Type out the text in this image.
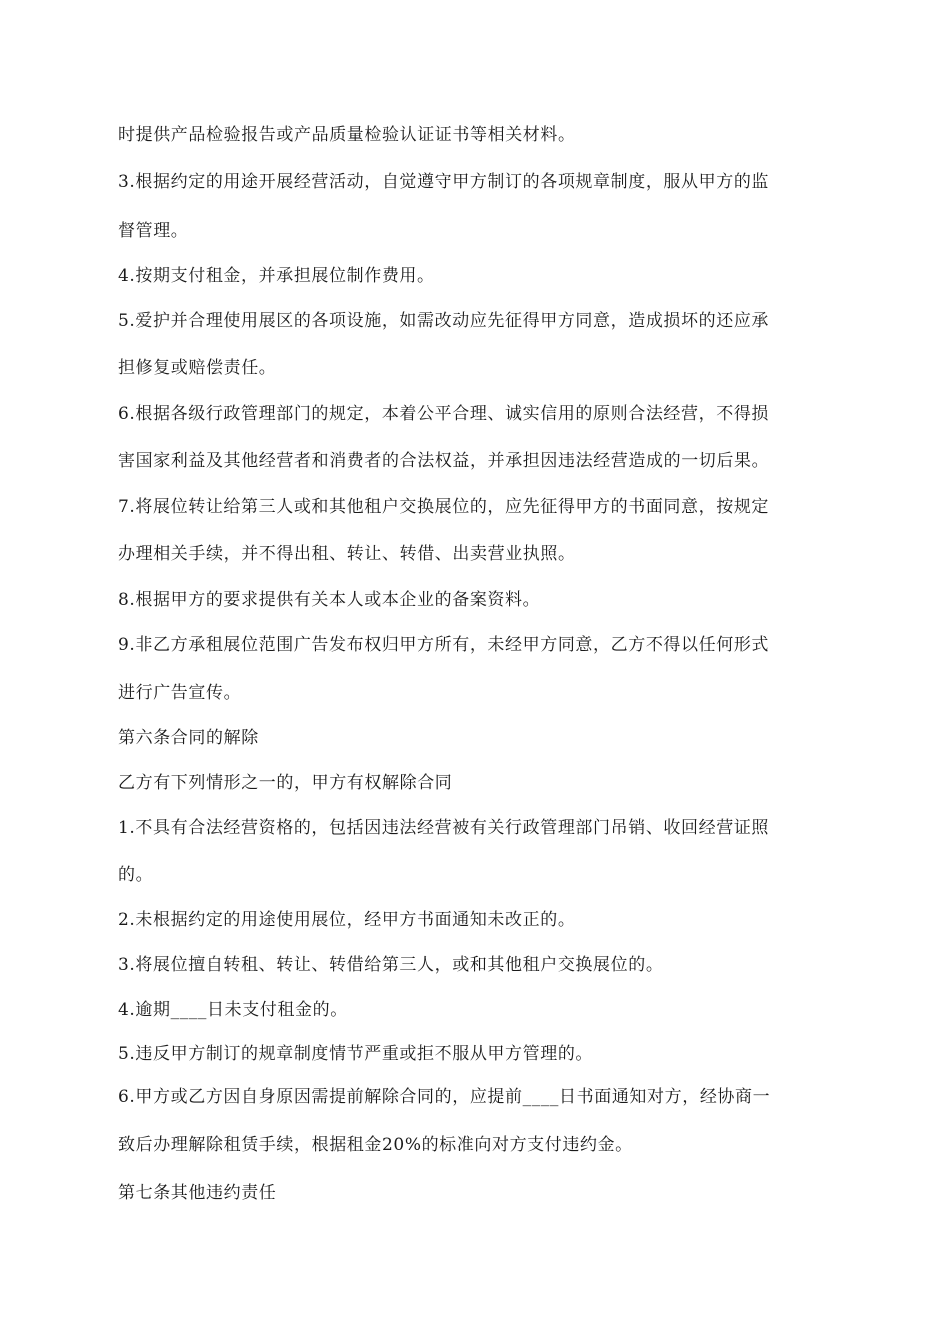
时提供产品检验报告或产品质量检验认证证书等相关材料。

3.根据约定的用途开展经营活动，自觉遵守甲方制订的各项规章制度，服从甲方的监

督管理。

4.按期支付租金，并承担展位制作费用。

5.爱护并合理使用展区的各项设施，如需改动应先征得甲方同意，造成损坏的还应承

担修复或赔偿责任。

6.根据各级行政管理部门的规定，本着公平合理、诚实信用的原则合法经营，不得损

害国家利益及其他经营者和消费者的合法权益，并承担因违法经营造成的一切后果。

7.将展位转让给第三人或和其他租户交换展位的，应先征得甲方的书面同意，按规定

办理相关手续，并不得出租、转让、转借、出卖营业执照。

8.根据甲方的要求提供有关本人或本企业的备案资料。

9.非乙方承租展位范围广告发布权归甲方所有，未经甲方同意，乙方不得以任何形式

进行广告宣传。

第六条合同的解除

乙方有下列情形之一的，甲方有权解除合同

1.不具有合法经营资格的，包括因违法经营被有关行政管理部门吊销、收回经营证照

的。

2.未根据约定的用途使用展位，经甲方书面通知未改正的。

3.将展位擅自转租、转让、转借给第三人，或和其他租户交换展位的。

4.逾期____日未支付租金的。

5.违反甲方制订的规章制度情节严重或拒不服从甲方管理的。

6.甲方或乙方因自身原因需提前解除合同的，应提前____日书面通知对方，经协商一

致后办理解除租赁手续，根据租金20%的标准向对方支付违约金。

第七条其他违约责任
